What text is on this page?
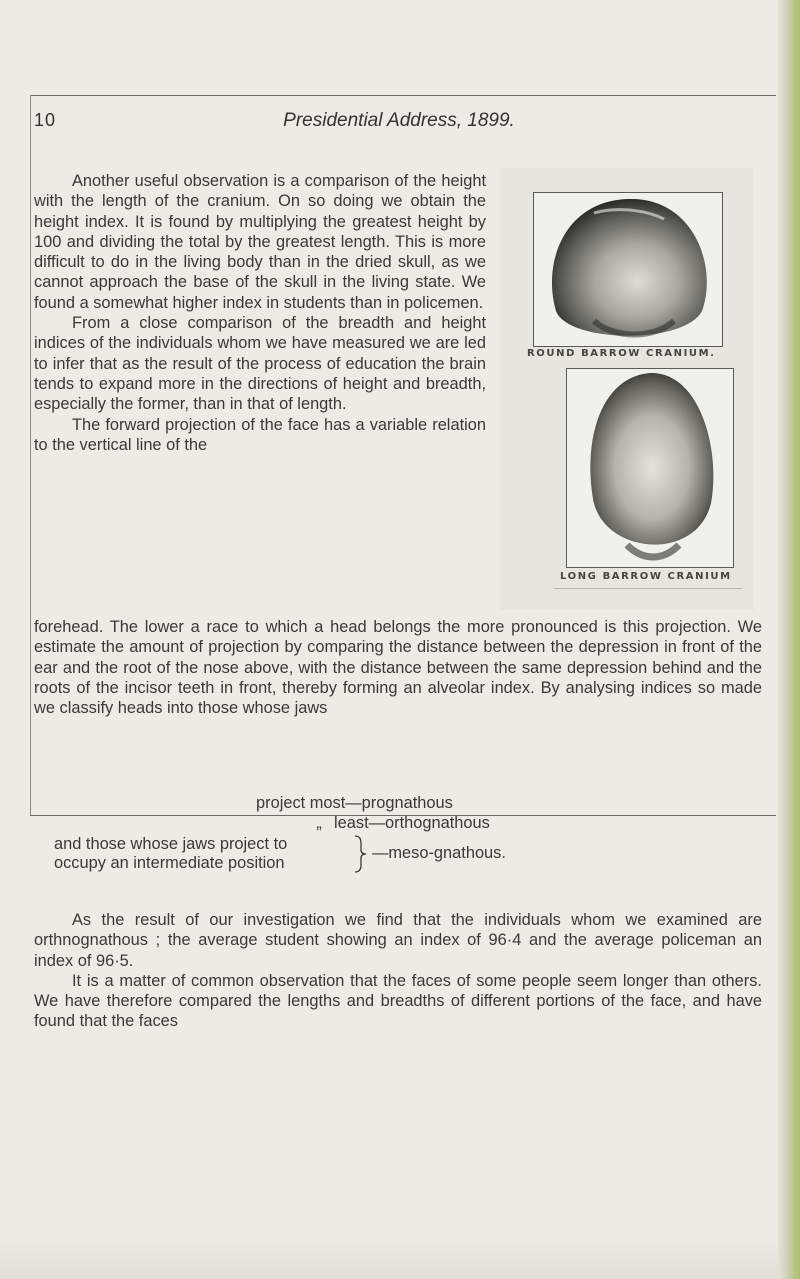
10	Presidential Address, 1899.

Another useful observation is a comparison of the height with the length of the cranium. On so doing we obtain the height index. It is found by multiplying the greatest height by 100 and dividing the total by the greatest length. This is more difficult to do in the living body than in the dried skull, as we cannot approach the base of the skull in the living state. We found a somewhat higher index in students than in policemen.

From a close comparison of the breadth and height indices of the individuals whom we have measured we are led to infer that as the result of the process of education the brain tends to expand more in the directions of height and breadth, especially the former, than in that of length.

The forward projection of the face has a variable relation to the vertical line of the

ROUND BARROW CRANIUM.
LONG BARROW CRANIUM

forehead. The lower a race to which a head belongs the more pronounced is this projection. We estimate the amount of projection by comparing the distance between the depression in front of the ear and the root of the nose above, with the distance between the same depression behind and the roots of the incisor teeth in front, thereby forming an alveolar index. By analysing indices so made we classify heads into those whose jaws

project most—prognathous
„ least—orthognathous
and those whose jaws project to
occupy an intermediate position
—meso-gnathous.

As the result of our investigation we find that the individuals whom we examined are orthnognathous ; the average student showing an index of 96·4 and the average policeman an index of 96·5.

It is a matter of common observation that the faces of some people seem longer than others. We have therefore compared the lengths and breadths of different portions of the face, and have found that the faces
